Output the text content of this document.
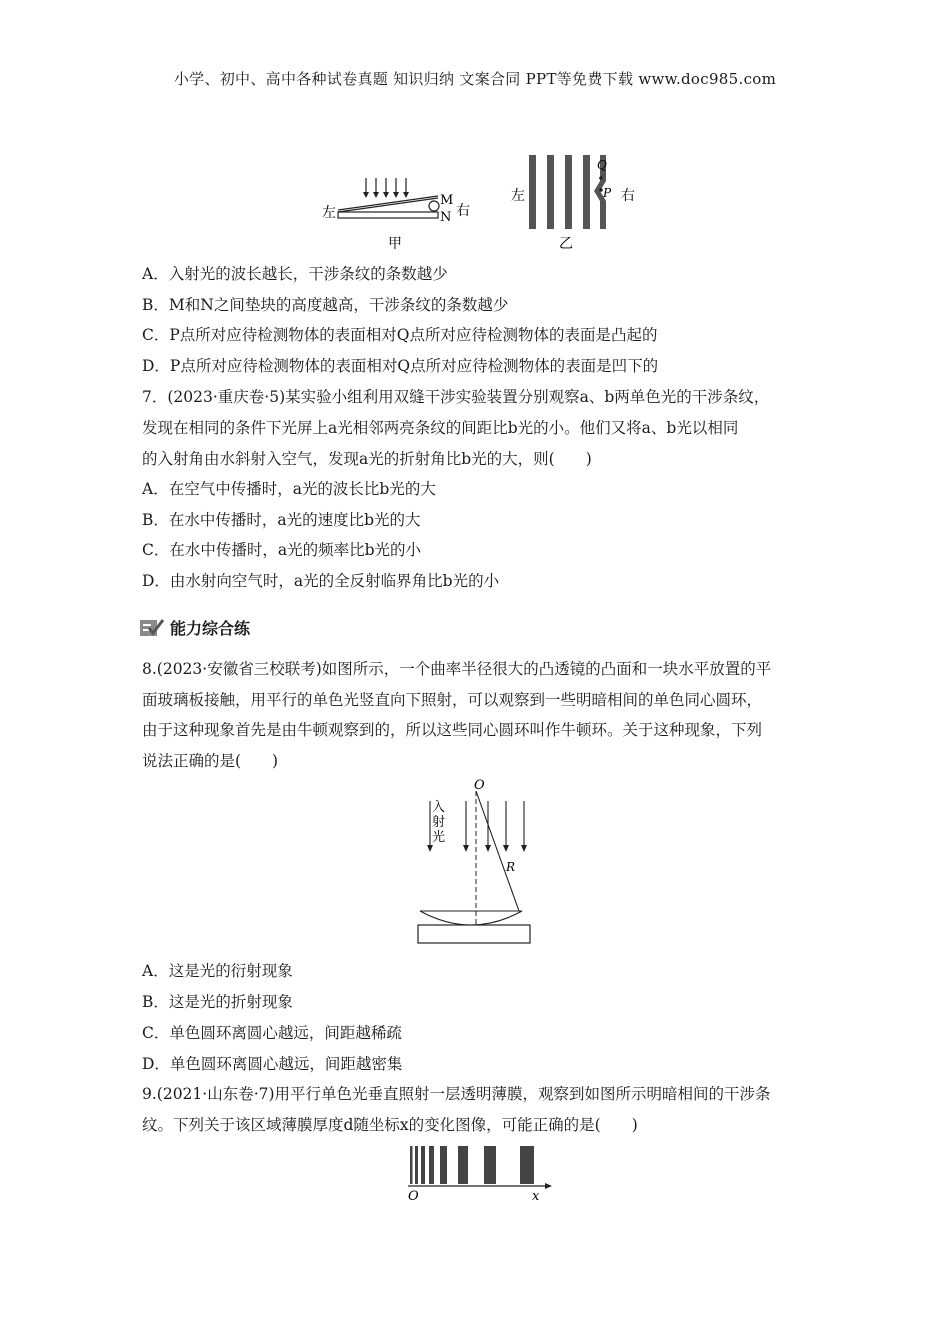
小学、初中、高中各种试卷真题 知识归纳 文案合同 PPT等免费下载 www.doc985.com
左
M
N 右
甲
左
Q
P 右
乙
A．入射光的波长越长，干涉条纹的条数越少
B．M和N之间垫块的高度越高，干涉条纹的条数越少
C．P点所对应待检测物体的表面相对Q点所对应待检测物体的表面是凸起的
D．P点所对应待检测物体的表面相对Q点所对应待检测物体的表面是凹下的
7．(2023·重庆卷·5)某实验小组利用双缝干涉实验装置分别观察a、b两单色光的干涉条纹，
发现在相同的条件下光屏上a光相邻两亮条纹的间距比b光的小。他们又将a、b光以相同
的入射角由水斜射入空气，发现a光的折射角比b光的大，则(　　)
A．在空气中传播时，a光的波长比b光的大
B．在水中传播时，a光的速度比b光的大
C．在水中传播时，a光的频率比b光的小
D．由水射向空气时，a光的全反射临界角比b光的小
能力综合练
8.(2023·安徽省三校联考)如图所示，一个曲率半径很大的凸透镜的凸面和一块水平放置的平
面玻璃板接触，用平行的单色光竖直向下照射，可以观察到一些明暗相间的单色同心圆环，
由于这种现象首先是由牛顿观察到的，所以这些同心圆环叫作牛顿环。关于这种现象，下列
说法正确的是(　　)
入
射
光
O
R
A．这是光的衍射现象
B．这是光的折射现象
C．单色圆环离圆心越远，间距越稀疏
D．单色圆环离圆心越远，间距越密集
9.(2021·山东卷·7)用平行单色光垂直照射一层透明薄膜，观察到如图所示明暗相间的干涉条
纹。下列关于该区域薄膜厚度d随坐标x的变化图像，可能正确的是(　　)
O	x
